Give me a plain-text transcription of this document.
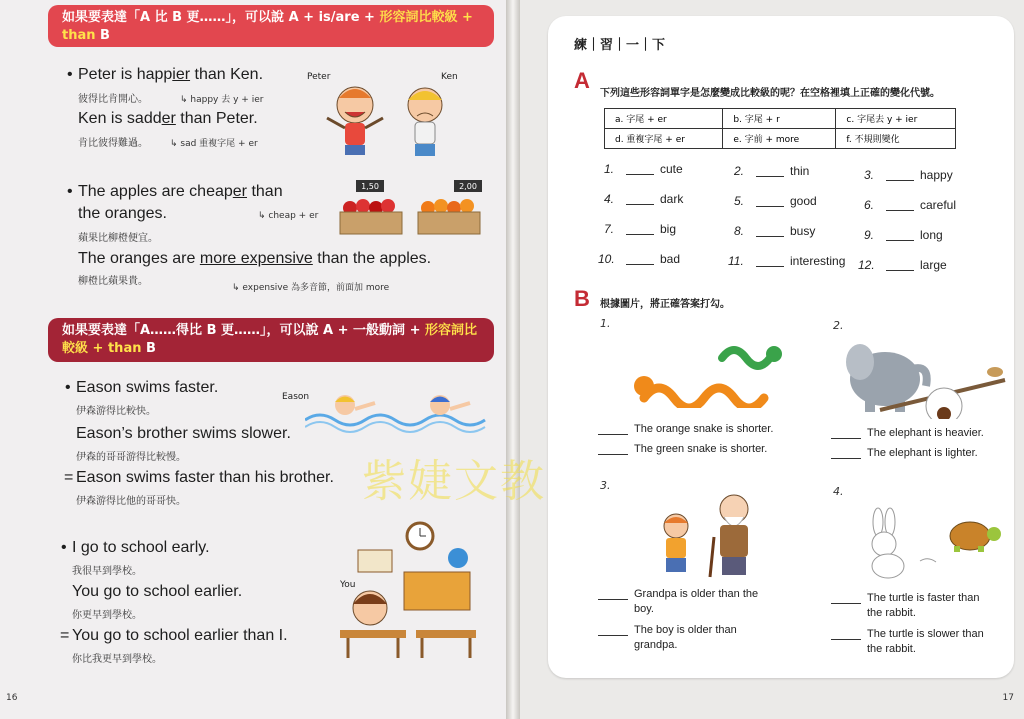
如果要表達「A 比 B 更……」，可以說 A + is/are + 形容詞比較級 +
than B
• Peter is happier than Ken.
彼得比肯開心。	↳ happy 去 y + ier
Ken is sadder than Peter.
肯比彼得難過。 ↳ sad 重複字尾 + er
Peter	Ken
• The apples are cheaper than
the oranges.	↳ cheap + er
蘋果比柳橙便宜。
1,50	2,00
The oranges are more expensive than the apples.
柳橙比蘋果貴。
↳ expensive 為多音節，前面加 more
如果要表達「A……得比 B 更……」，可以說 A + 一般動詞 + 形容詞比較級 + than B
• Eason swims faster.
伊森游得比較快。
Eason’s brother swims slower.
伊森的哥哥游得比較慢。
= Eason swims faster than his brother.
伊森游得比他的哥哥快。
Eason
• I go to school early.
我很早到學校。
You go to school earlier.
你更早到學校。
= You go to school earlier than I.
你比我更早到學校。
You
16	17
練｜習｜一｜下
A
下列這些形容詞單字是怎麼變成比較級的呢？在空格裡填上正確的變化代號。
a. 字尾 + er	b. 字尾 + r	c. 字尾去 y + ier
d. 重複字尾 + er	e. 字前 + more	f. 不規則變化
1.	cute	2.	thin	3.	happy
4.	dark	5.	good	6.	careful
7.	big	8.	busy	9.	long
10.	bad	11.	interesting 12.	large
B 根據圖片，將正確答案打勾。
1.
The orange snake is shorter.
The green snake is shorter.
2.
The elephant is heavier.
The elephant is lighter.
3.
Grandpa is older than the
boy.
The boy is older than
grandpa.
4.
The turtle is faster than
the rabbit.
The turtle is slower than
the rabbit.
紫婕文教
